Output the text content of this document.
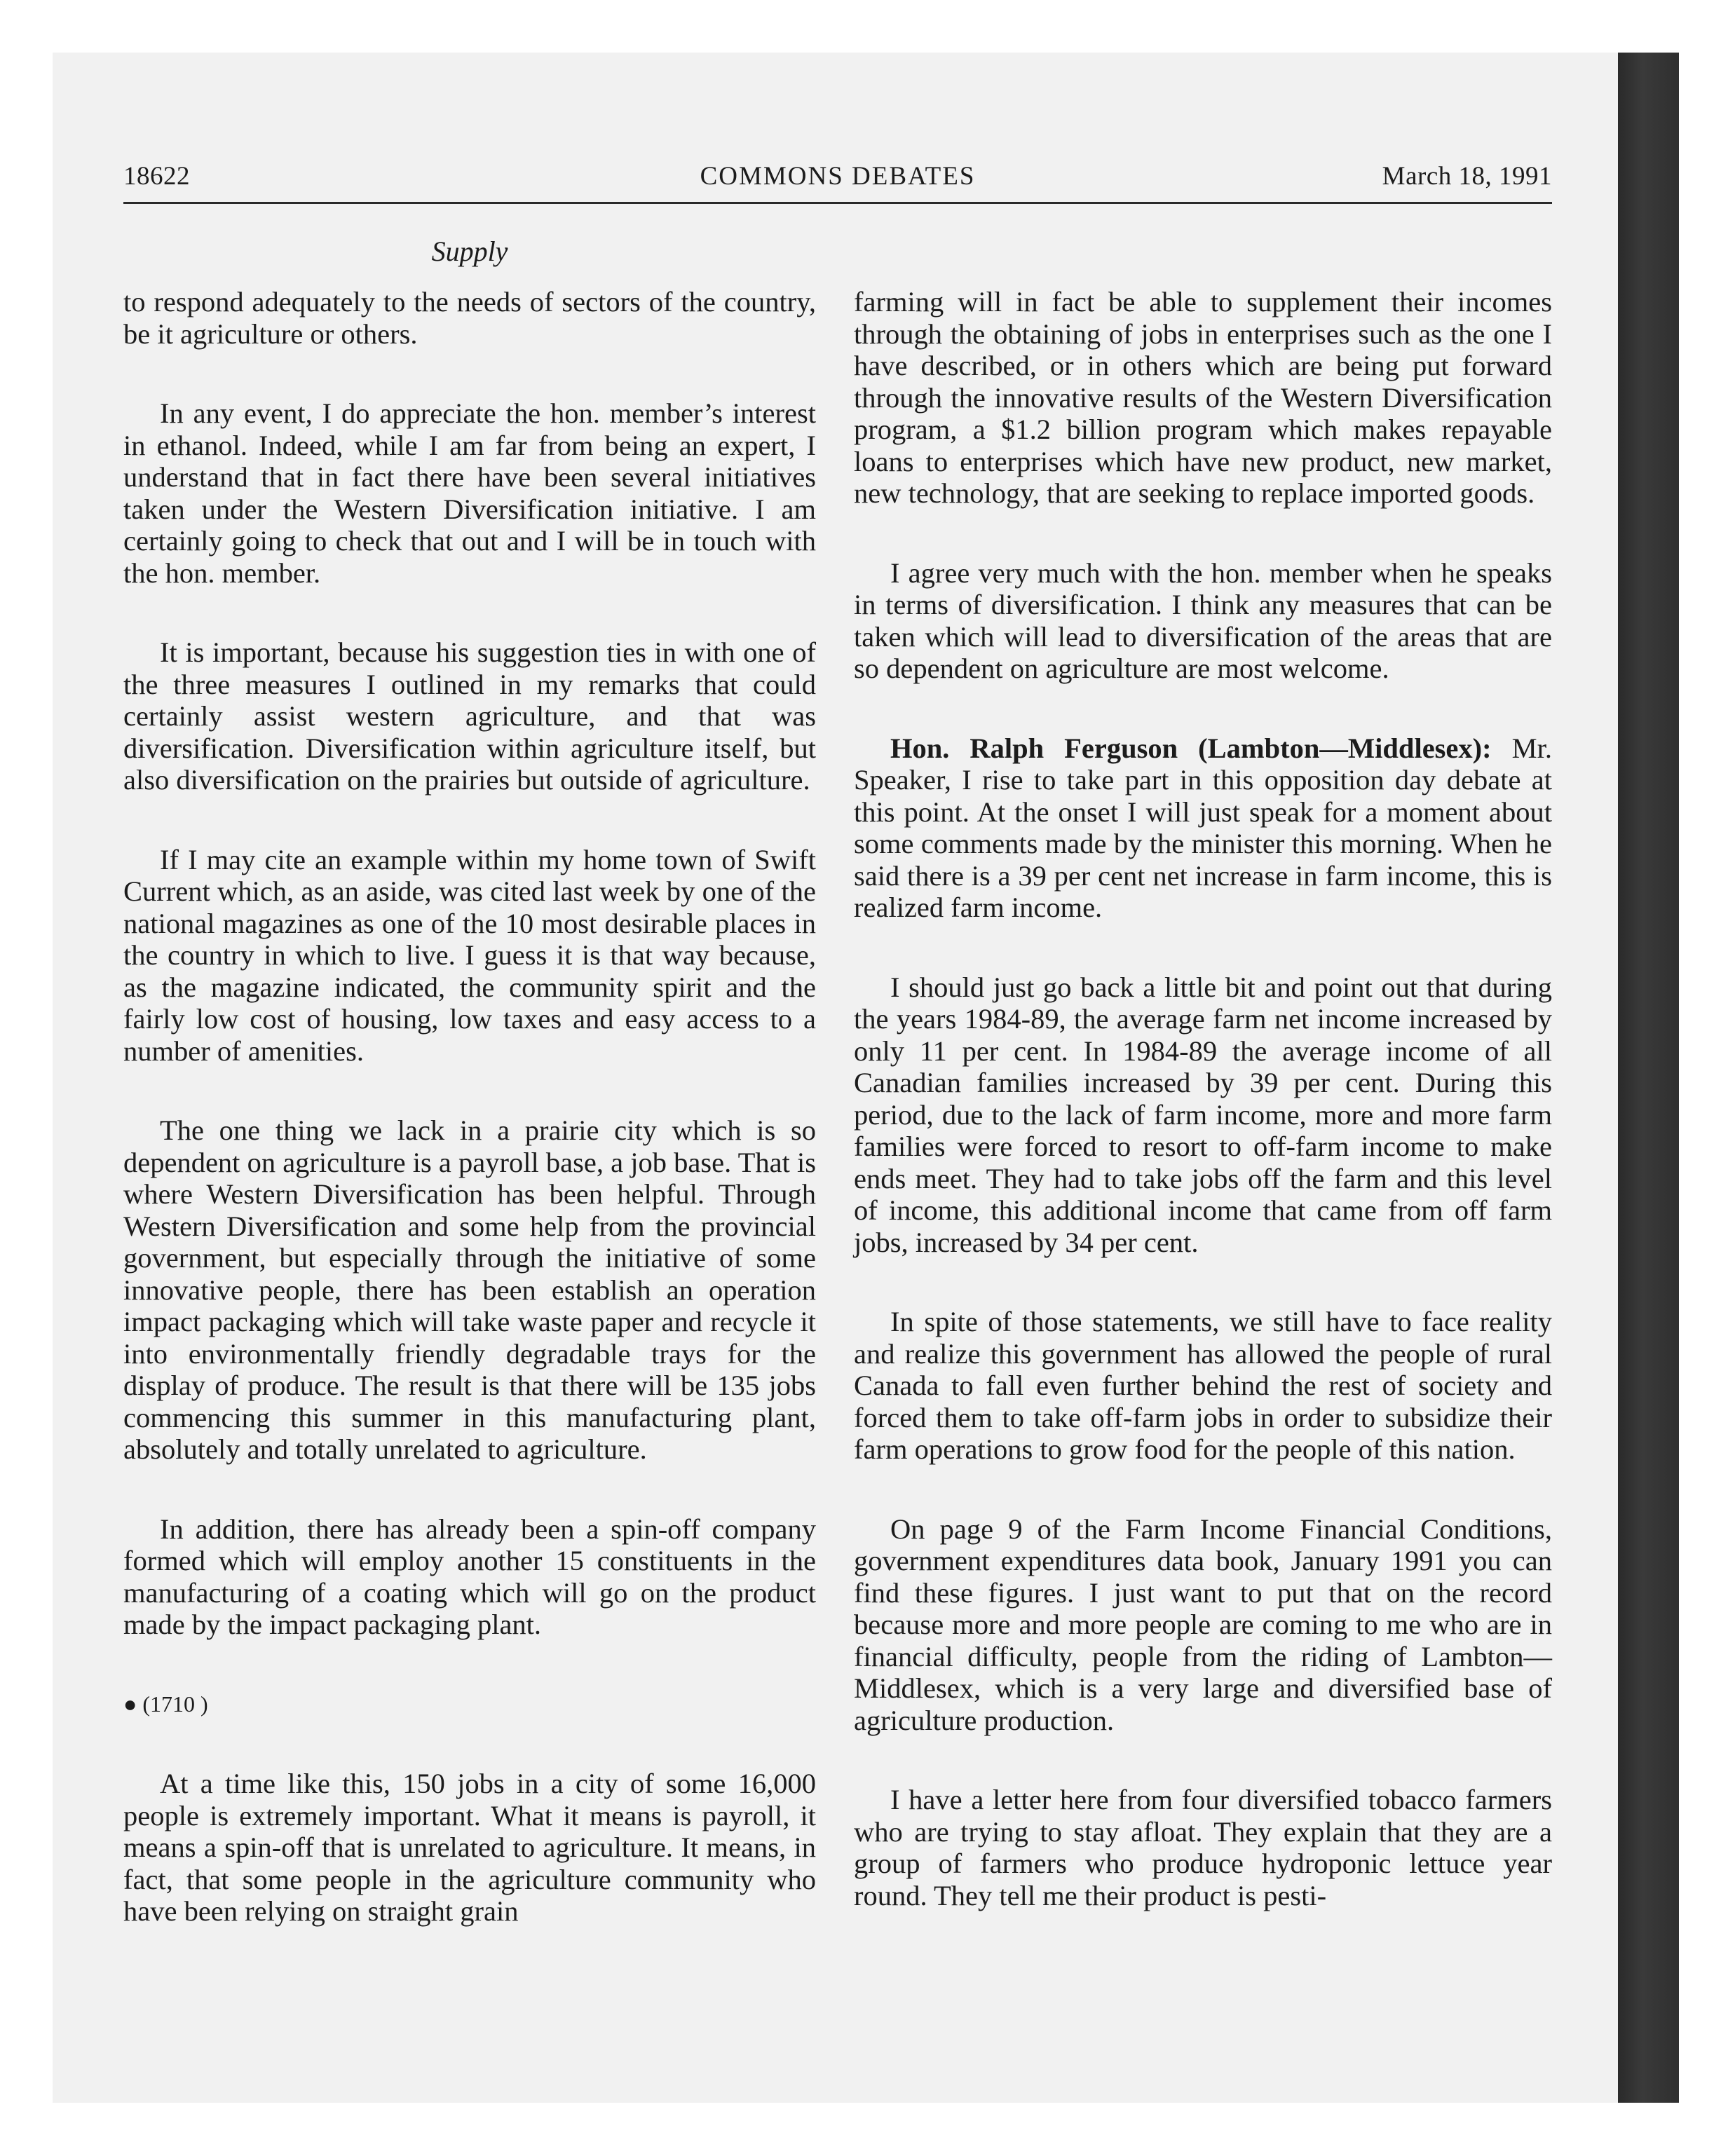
18622	COMMONS DEBATES	March 18, 1991
Supply

to respond adequately to the needs of sectors of the country, be it agriculture or others.

In any event, I do appreciate the hon. member’s interest in ethanol. Indeed, while I am far from being an expert, I understand that in fact there have been several initiatives taken under the Western Diversification initiative. I am certainly going to check that out and I will be in touch with the hon. member.

It is important, because his suggestion ties in with one of the three measures I outlined in my remarks that could certainly assist western agriculture, and that was diversification. Diversification within agriculture itself, but also diversification on the prairies but outside of agriculture.

If I may cite an example within my home town of Swift Current which, as an aside, was cited last week by one of the national magazines as one of the 10 most desirable places in the country in which to live. I guess it is that way because, as the magazine indicated, the community spirit and the fairly low cost of housing, low taxes and easy access to a number of amenities.

The one thing we lack in a prairie city which is so dependent on agriculture is a payroll base, a job base. That is where Western Diversification has been helpful. Through Western Diversification and some help from the provincial government, but especially through the initiative of some innovative people, there has been establish an operation impact packaging which will take waste paper and recycle it into environmentally friendly degradable trays for the display of produce. The result is that there will be 135 jobs commencing this summer in this manufacturing plant, absolutely and totally unrelated to agriculture.

In addition, there has already been a spin-off company formed which will employ another 15 constituents in the manufacturing of a coating which will go on the product made by the impact packaging plant.

● (1710 )

At a time like this, 150 jobs in a city of some 16,000 people is extremely important. What it means is payroll, it means a spin-off that is unrelated to agriculture. It means, in fact, that some people in the agriculture community who have been relying on straight grain

farming will in fact be able to supplement their incomes through the obtaining of jobs in enterprises such as the one I have described, or in others which are being put forward through the innovative results of the Western Diversification program, a $1.2 billion program which makes repayable loans to enterprises which have new product, new market, new technology, that are seeking to replace imported goods.

I agree very much with the hon. member when he speaks in terms of diversification. I think any measures that can be taken which will lead to diversification of the areas that are so dependent on agriculture are most welcome.

Hon. Ralph Ferguson (Lambton—Middlesex): Mr. Speaker, I rise to take part in this opposition day debate at this point. At the onset I will just speak for a moment about some comments made by the minister this morning. When he said there is a 39 per cent net increase in farm income, this is realized farm income.

I should just go back a little bit and point out that during the years 1984-89, the average farm net income increased by only 11 per cent. In 1984-89 the average income of all Canadian families increased by 39 per cent. During this period, due to the lack of farm income, more and more farm families were forced to resort to off-farm income to make ends meet. They had to take jobs off the farm and this level of income, this additional income that came from off farm jobs, increased by 34 per cent.

In spite of those statements, we still have to face reality and realize this government has allowed the people of rural Canada to fall even further behind the rest of society and forced them to take off-farm jobs in order to subsidize their farm operations to grow food for the people of this nation.

On page 9 of the Farm Income Financial Conditions, government expenditures data book, January 1991 you can find these figures. I just want to put that on the record because more and more people are coming to me who are in financial difficulty, people from the riding of Lambton—Middlesex, which is a very large and diversified base of agriculture production.

I have a letter here from four diversified tobacco farmers who are trying to stay afloat. They explain that they are a group of farmers who produce hydroponic lettuce year round. They tell me their product is pesti-
